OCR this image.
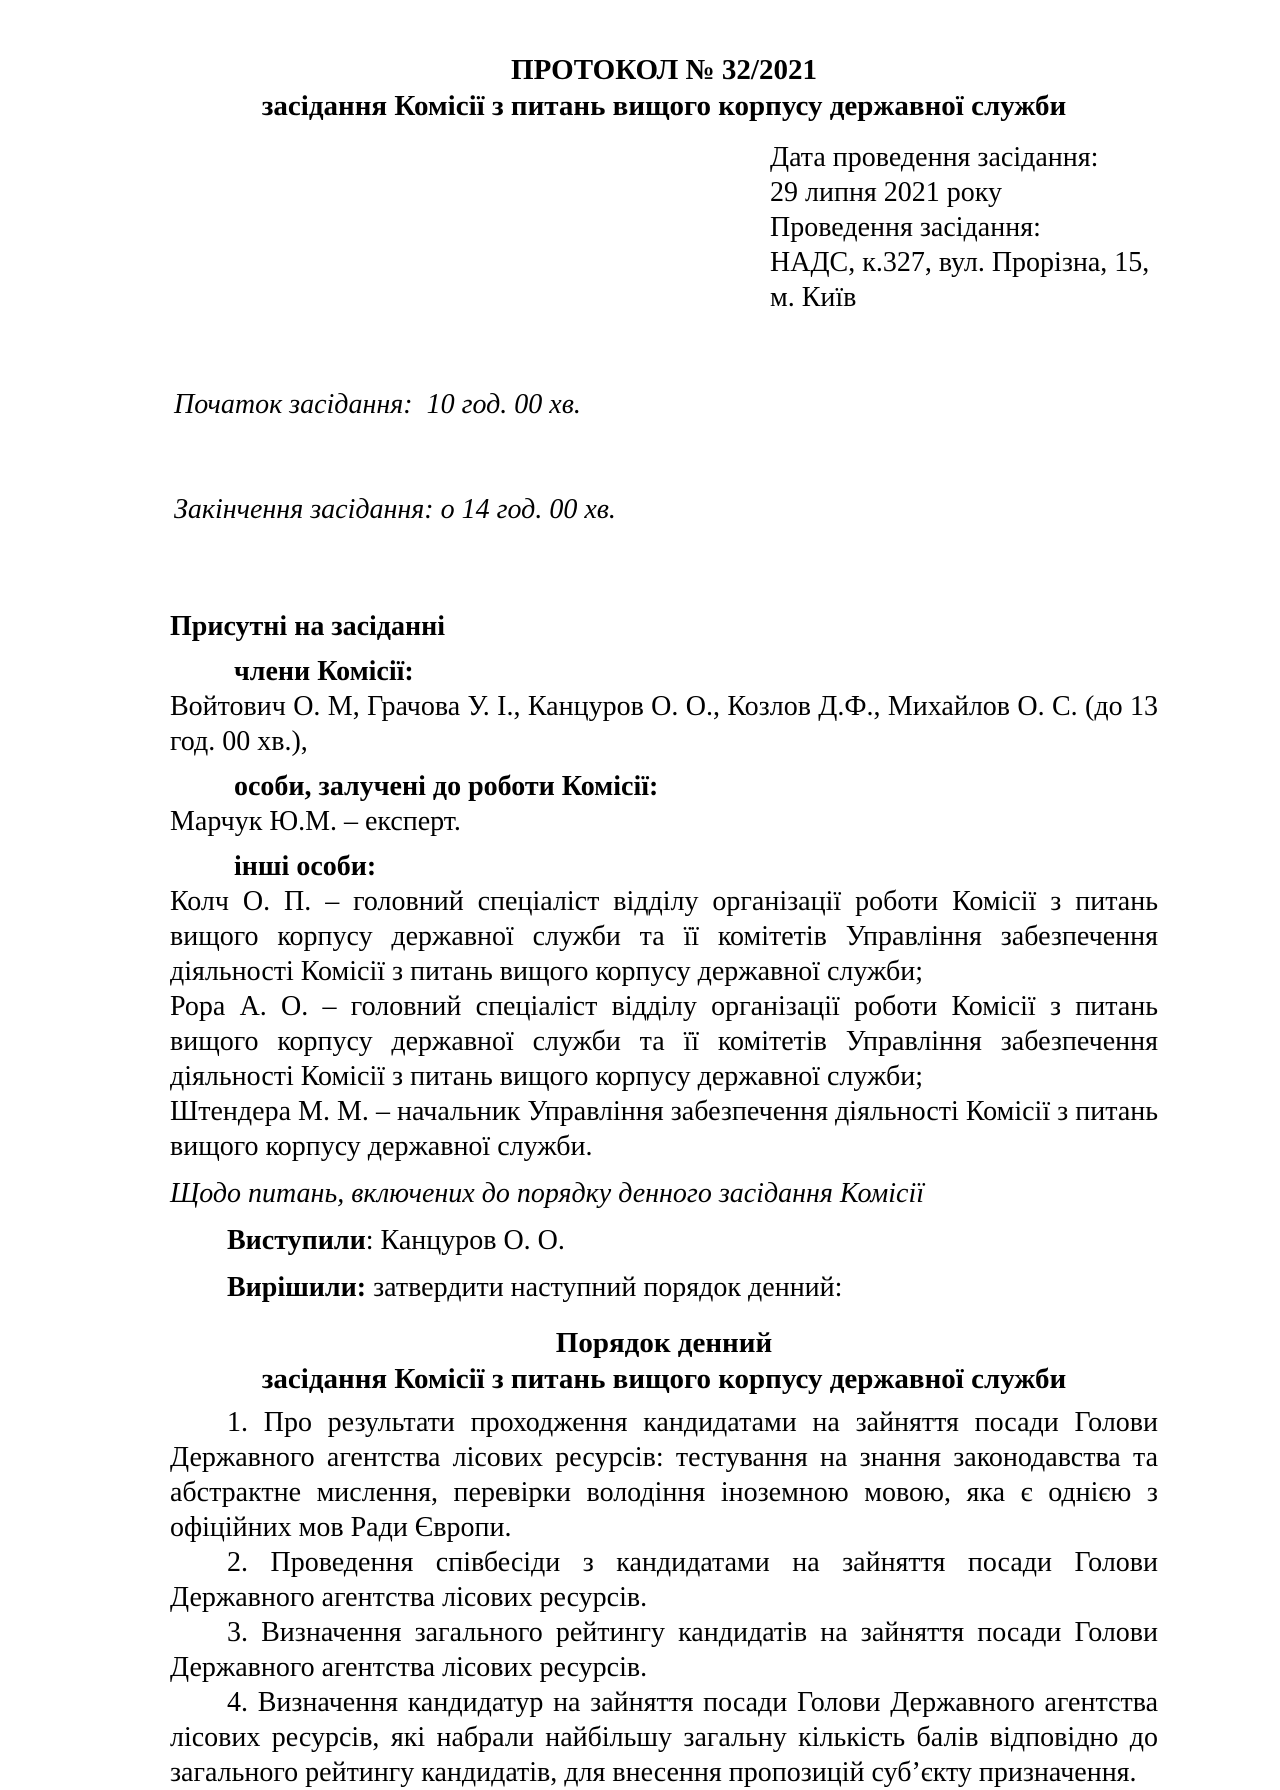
ПРОТОКОЛ № 32/2021
засідання Комісії з питань вищого корпусу державної служби
Дата проведення засідання:
29 липня 2021 року
Проведення засідання:
НАДС, к.327, вул. Прорізна, 15,
м. Київ

Початок засідання:  10 год. 00 хв.

Закінчення засідання: о 14 год. 00 хв.

Присутні на засіданні
члени Комісії:

Войтович О. М, Грачова У. І., Канцуров О. О., Козлов Д.Ф., Михайлов О. С. (до 13 год. 00 хв.),

особи, залучені до роботи Комісії:

Марчук Ю.М. – експерт.

інші особи:

Колч О. П. – головний спеціаліст відділу організації роботи Комісії з питань вищого корпусу державної служби та її комітетів Управління забезпечення діяльності Комісії з питань вищого корпусу державної служби;

Рора А. О. – головний спеціаліст відділу організації роботи Комісії з питань вищого корпусу державної служби та її комітетів Управління забезпечення діяльності Комісії з питань вищого корпусу державної служби;

Штендера М. М. – начальник Управління забезпечення діяльності Комісії з питань вищого корпусу державної служби.

Щодо питань, включених до порядку денного засідання Комісії

Виступили: Канцуров О. О.

Вирішили: затвердити наступний порядок денний:

Порядок денний
засідання Комісії з питань вищого корпусу державної служби

1. Про результати проходження кандидатами на зайняття посади Голови Державного агентства лісових ресурсів: тестування на знання законодавства та абстрактне мислення, перевірки володіння іноземною мовою, яка є однією з офіційних мов Ради Європи.

2. Проведення співбесіди з кандидатами на зайняття посади Голови Державного агентства лісових ресурсів.

3. Визначення загального рейтингу кандидатів на зайняття посади Голови Державного агентства лісових ресурсів.

4. Визначення кандидатур на зайняття посади Голови Державного агентства лісових ресурсів, які набрали найбільшу загальну кількість балів відповідно до загального рейтингу кандидатів, для внесення пропозицій суб’єкту призначення.
